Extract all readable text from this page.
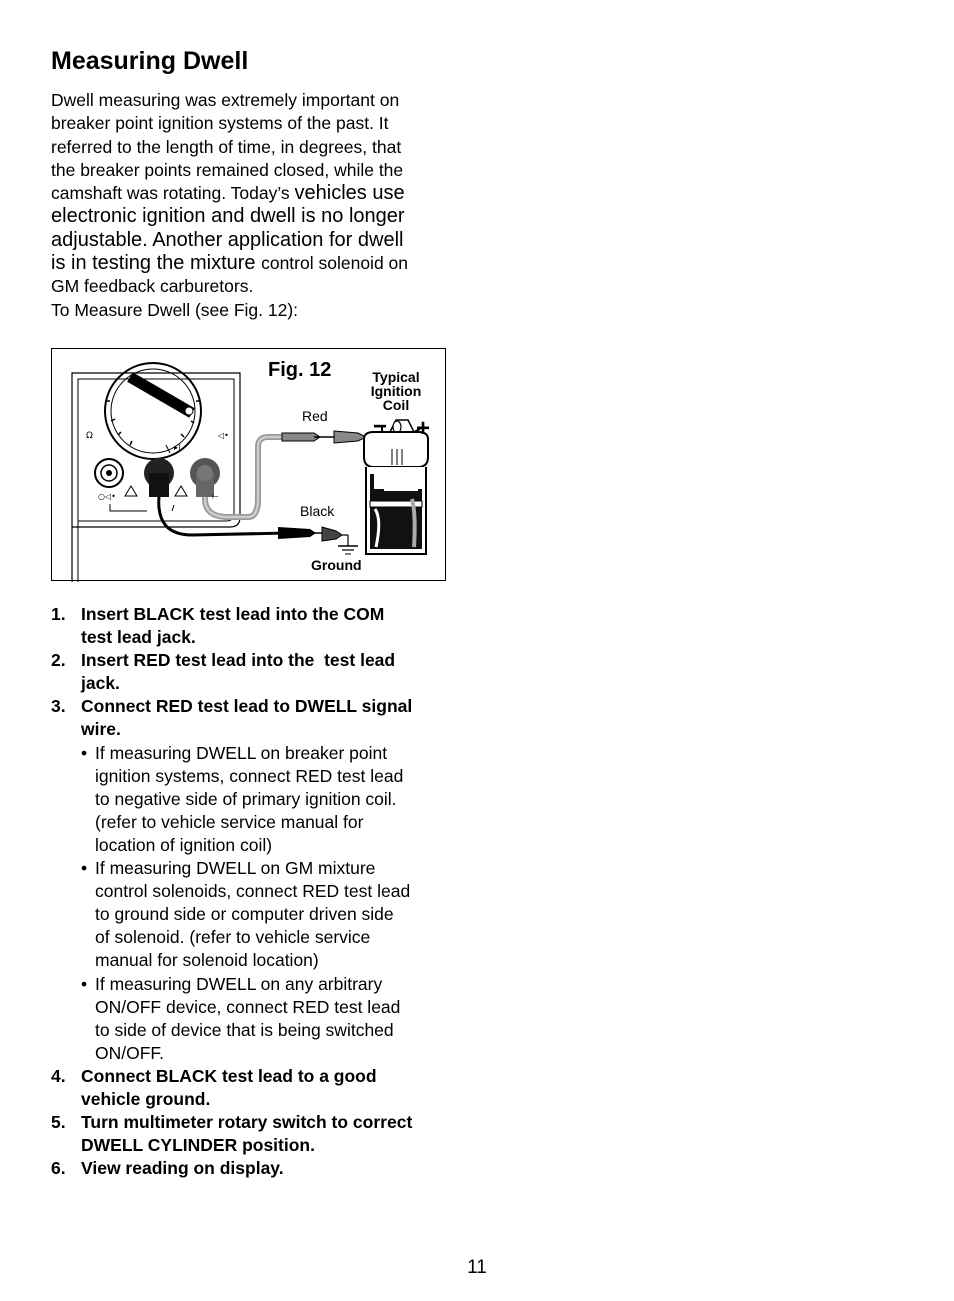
Measuring Dwell
Dwell measuring was extremely important on
breaker point ignition systems of the past. It
referred to the length of time, in degrees, that
the breaker points remained closed, while the
camshaft was rotating. Today’s vehicles use
electronic ignition and dwell is no longer
adjustable. Another application for dwell
is in testing the mixture control solenoid on
GM feedback carburetors.
To Measure Dwell (see Fig. 12):
Ω	◁•
▸|
○◁•	⊢
Fig. 12	Typical
Ignition
Coil
− +
Red
Black
Ground
1. Insert BLACK test lead into the COM
test lead jack.
2. Insert RED test lead into the  test lead
jack.
3. Connect RED test lead to DWELL signal
wire.
• If measuring DWELL on breaker point
ignition systems, connect RED test lead
to negative side of primary ignition coil.
(refer to vehicle service manual for
location of ignition coil)
• If measuring DWELL on GM mixture
control solenoids, connect RED test lead
to ground side or computer driven side
of solenoid. (refer to vehicle service
manual for solenoid location)
• If measuring DWELL on any arbitrary
ON/OFF device, connect RED test lead
to side of device that is being switched
ON/OFF.
4. Connect BLACK test lead to a good
vehicle ground.
5. Turn multimeter rotary switch to correct
DWELL CYLINDER position.
6. View reading on display.
11
